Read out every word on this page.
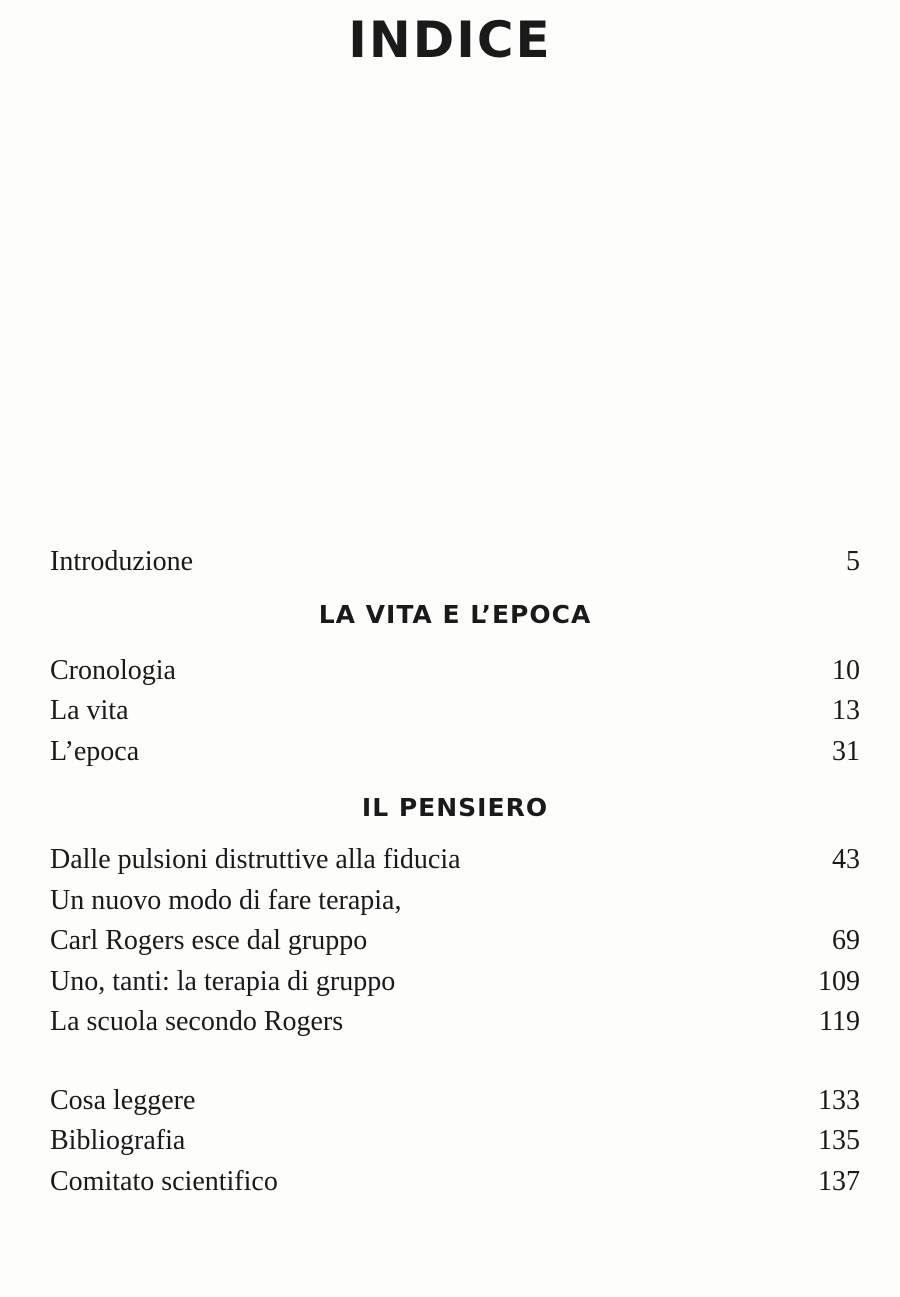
INDICE
Introduzione	5
LA VITA E L’EPOCA
Cronologia	10
La vita	13
L’epoca	31
IL PENSIERO
Dalle pulsioni distruttive alla fiducia	43
Un nuovo modo di fare terapia,
Carl Rogers esce dal gruppo	69
Uno, tanti: la terapia di gruppo	109
La scuola secondo Rogers	119
Cosa leggere	133
Bibliografia	135
Comitato scientifico	137
